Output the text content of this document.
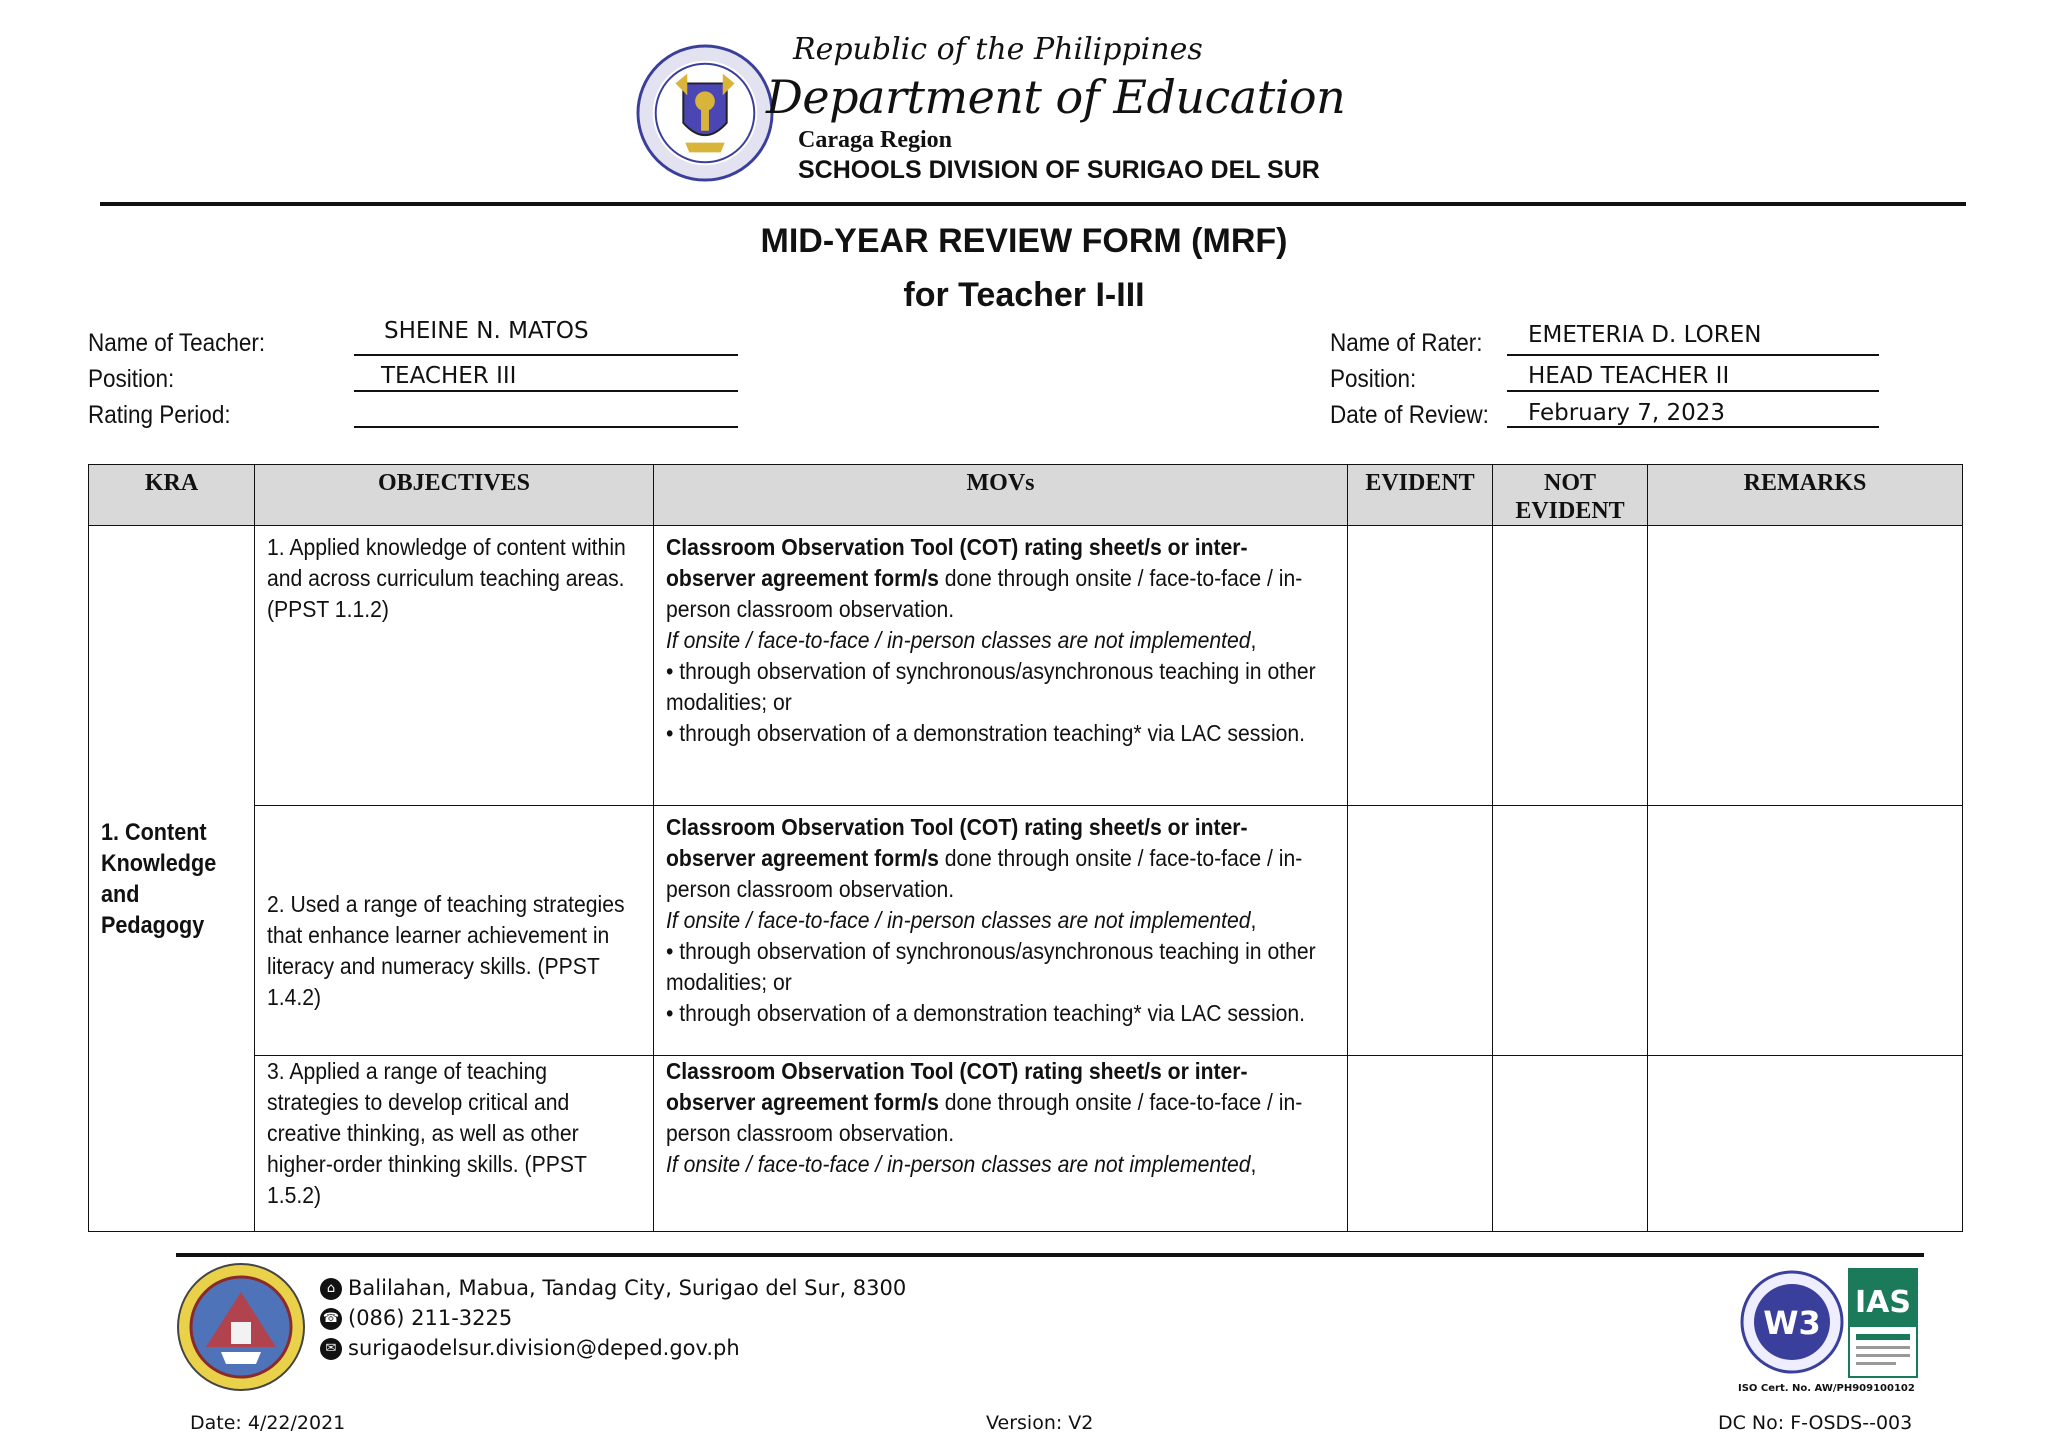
Republic of the Philippines
Department of Education
Caraga Region
SCHOOLS DIVISION OF SURIGAO DEL SUR
MID-YEAR REVIEW FORM (MRF)
for Teacher I-III
Name of Teacher:	SHEINE N. MATOS
Position:	TEACHER III
Rating Period:
Name of Rater: EMETERIA D. LOREN
Position:	HEAD TEACHER II
Date of Review: February 7, 2023
KRA	OBJECTIVES	MOVs	EVIDENT	NOT EVIDENT	REMARKS
1. Content Knowledge and Pedagogy	1. Applied knowledge of content within and across curriculum teaching areas. (PPST 1.1.2)	Classroom Observation Tool (COT) rating sheet/s or inter-observer agreement form/s done through onsite / face-to-face / in-person classroom observation.
If onsite / face-to-face / in-person classes are not implemented,
• through observation of synchronous/asynchronous teaching in other modalities; or
• through observation of a demonstration teaching* via LAC session.			
	2. Used a range of teaching strategies that enhance learner achievement in literacy and numeracy skills. (PPST 1.4.2)	Classroom Observation Tool (COT) rating sheet/s or inter-observer agreement form/s done through onsite / face-to-face / in-person classroom observation.
If onsite / face-to-face / in-person classes are not implemented,
• through observation of synchronous/asynchronous teaching in other modalities; or
• through observation of a demonstration teaching* via LAC session.			
	3. Applied a range of teaching strategies to develop critical and creative thinking, as well as other higher-order thinking skills. (PPST 1.5.2)	Classroom Observation Tool (COT) rating sheet/s or inter-observer agreement form/s done through onsite / face-to-face / in-person classroom observation.
If onsite / face-to-face / in-person classes are not implemented,			
⌂ Balilahan, Mabua, Tandag City, Surigao del Sur, 8300
☎ (086) 211-3225
✉ surigaodelsur.division@deped.gov.ph
W3
IAS
ISO Cert. No. AW/PH909100102
Date: 4/22/2021	Version: V2	DC No: F-OSDS--003
